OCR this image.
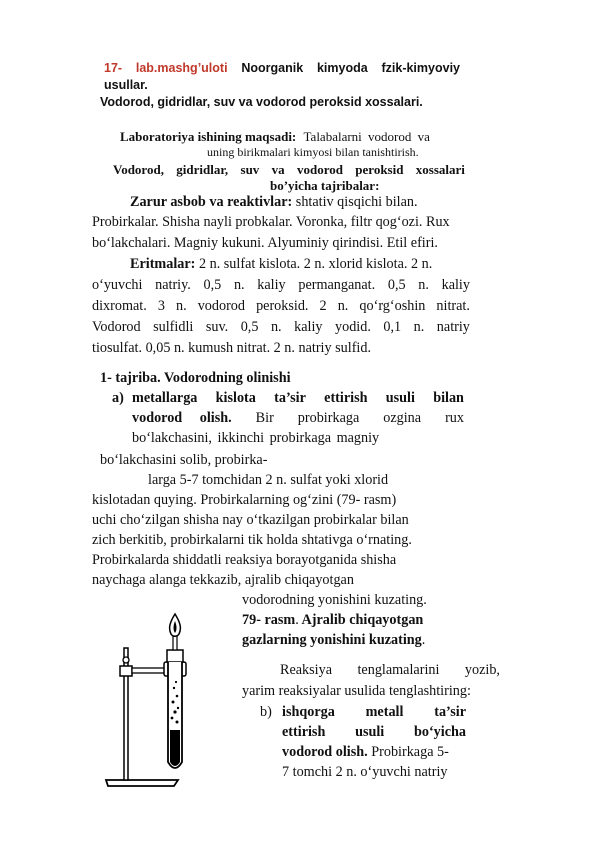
17- lab.mashg’uloti Noorganik kimyoda fzik-kimyoviy
usullar.
Vodorod, gidridlar, suv va vodorod peroksid xossalari.
Laboratoriya ishining maqsadi: Talabalarni vodorod va
uning birikmalari kimyosi bilan tanishtirish.
Vodorod, gidridlar, suv va vodorod peroksid xossalari
bo’yicha tajribalar:
Zarur asbob va reaktivlar: shtativ qisqichi bilan.
Probirkalar. Shisha nayli probkalar. Voronka, filtr qog‘ozi. Rux
bo‘lakchalari. Magniy kukuni. Alyuminiy qirindisi. Etil efiri.
Eritmalar: 2 n. sulfat kislota. 2 n. xlorid kislota. 2 n.
o‘yuvchi natriy. 0,5 n. kaliy permanganat. 0,5 n. kaliy
dixromat. 3 n. vodorod peroksid. 2 n. qo‘rg‘oshin nitrat.
Vodorod sulfidli suv. 0,5 n. kaliy yodid. 0,1 n. natriy
tiosulfat. 0,05 n. kumush nitrat. 2 n. natriy sulfid.
1- tajriba. Vodorodning olinishi
a) metallarga kislota ta’sir ettirish usuli bilan
vodorod olish. Bir probirkaga ozgina rux
bo‘lakchasini, ikkinchi probirkaga magniy
bo‘lakchasini solib, probirka-
larga 5-7 tomchidan 2 n. sulfat yoki xlorid
kislotadan quying. Probirkalarning og‘zini (79- rasm)
uchi cho‘zilgan shisha nay o‘tkazilgan probirkalar bilan
zich berkitib, probirkalarni tik holda shtativga o‘rnating.
Probirkalarda shiddatli reaksiya borayotganida shisha
naychaga alanga tekkazib, ajralib chiqayotgan
vodorodning yonishini kuzating.
79- rasm. Ajralib chiqayotgan
gazlarning yonishini kuzating.
Reaksiya tenglamalarini yozib,
yarim reaksiyalar usulida tenglashtiring:
b) ishqorga metall ta’sir
ettirish usuli bo‘yicha
vodorod olish. Probirkaga 5-
7 tomchi 2 n. o‘yuvchi natriy
